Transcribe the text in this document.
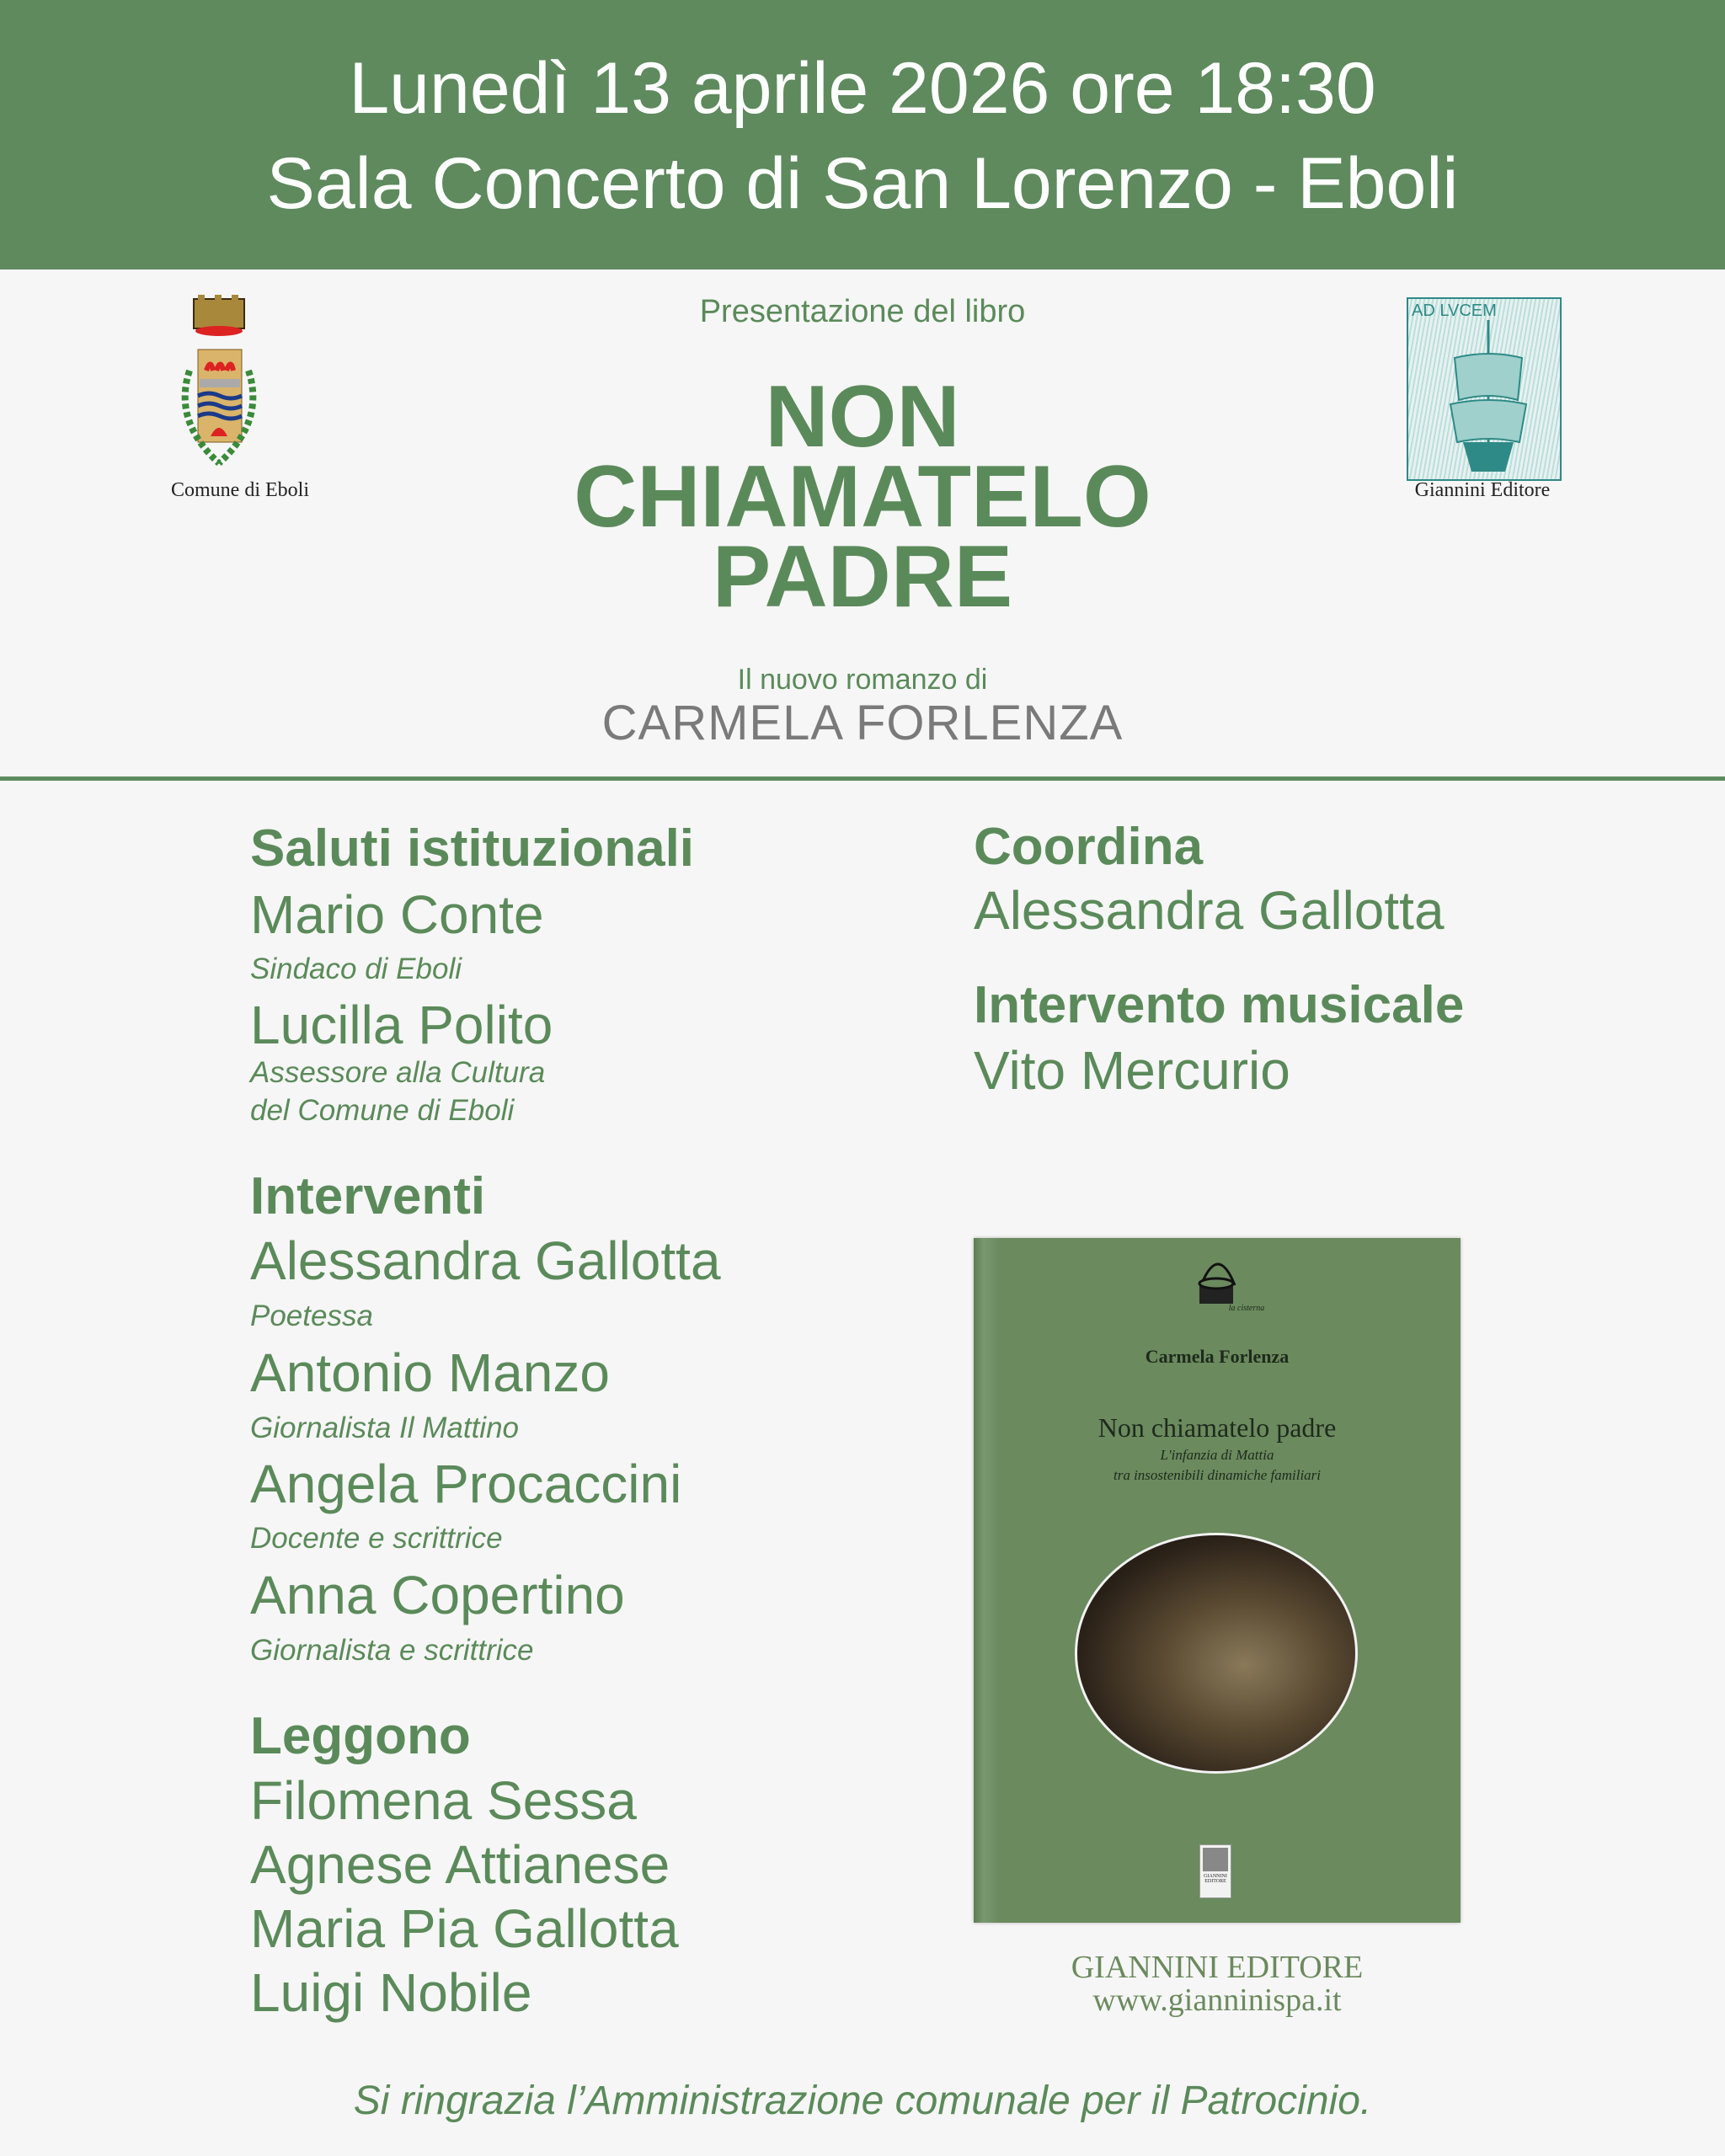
Lunedì 13 aprile 2026 ore 18:30
Sala Concerto di San Lorenzo - Eboli
Comune di Eboli
AD LVCEM
Giannini Editore
Presentazione del libro
NON
CHIAMATELO
PADRE
Il nuovo romanzo di
CARMELA FORLENZA
Saluti istituzionali
Mario Conte
Sindaco di Eboli
Lucilla Polito
Assessore alla Cultura
del Comune di Eboli
Interventi
Alessandra Gallotta
Poetessa
Antonio Manzo
Giornalista Il Mattino
Angela Procaccini
Docente e scrittrice
Anna Copertino
Giornalista e scrittrice
Leggono
Filomena Sessa
Agnese Attianese
Maria Pia Gallotta
Luigi Nobile
Coordina
Alessandra Gallotta
Intervento musicale
Vito Mercurio
la cisterna
Carmela Forlenza
Non chiamatelo padre
L'infanzia di Mattia
tra insostenibili dinamiche familiari
GIANNINI
EDITORE
GIANNINI EDITORE
www.gianninispa.it
Si ringrazia l’Amministrazione comunale per il Patrocinio.
